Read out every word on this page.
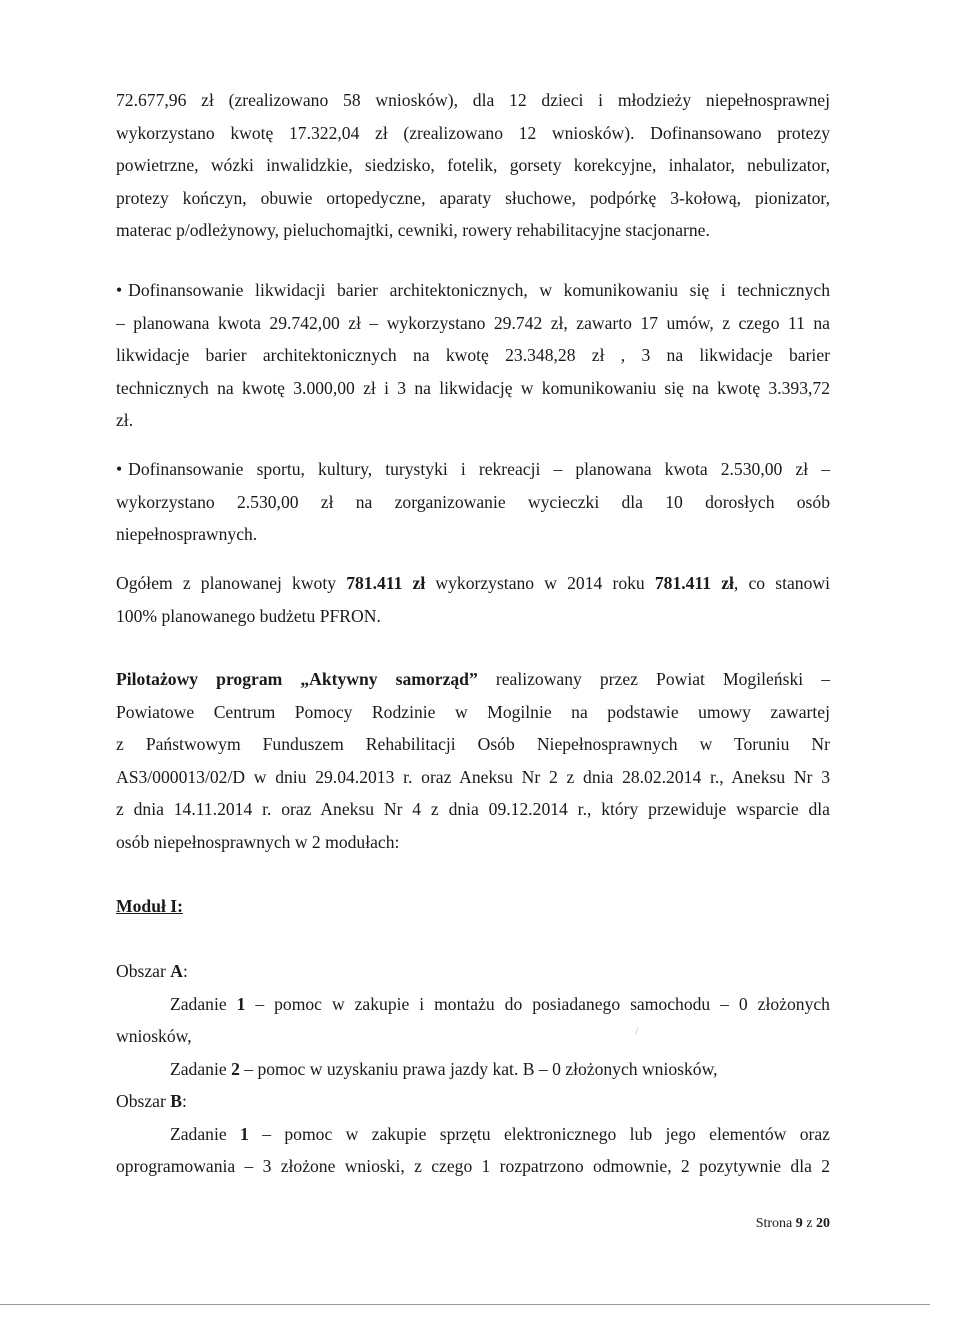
72.677,96 zł (zrealizowano 58 wniosków), dla 12 dzieci i młodzieży niepełnosprawnej
wykorzystano kwotę 17.322,04 zł (zrealizowano 12 wniosków). Dofinansowano protezy
powietrzne, wózki inwalidzkie, siedzisko, fotelik, gorsety korekcyjne, inhalator, nebulizator,
protezy kończyn, obuwie ortopedyczne, aparaty słuchowe, podpórkę 3-kołową, pionizator,
materac p/odleżynowy, pieluchomajtki, cewniki, rowery rehabilitacyjne stacjonarne.
• Dofinansowanie likwidacji barier architektonicznych, w komunikowaniu się i technicznych
– planowana kwota 29.742,00 zł – wykorzystano 29.742 zł, zawarto 17 umów, z czego 11 na
likwidacje barier architektonicznych na kwotę 23.348,28 zł , 3 na likwidacje barier
technicznych na kwotę 3.000,00 zł i 3 na likwidację w komunikowaniu się na kwotę 3.393,72
zł.
• Dofinansowanie sportu, kultury, turystyki i rekreacji – planowana kwota 2.530,00 zł –
wykorzystano 2.530,00 zł na zorganizowanie wycieczki dla 10 dorosłych osób
niepełnosprawnych.
Ogółem z planowanej kwoty 781.411 zł wykorzystano w 2014 roku 781.411 zł, co stanowi
100% planowanego budżetu PFRON.
Pilotażowy program „Aktywny samorząd” realizowany przez Powiat Mogileński –
Powiatowe Centrum Pomocy Rodzinie w Mogilnie na podstawie umowy zawartej
z Państwowym Funduszem Rehabilitacji Osób Niepełnosprawnych w Toruniu Nr
AS3/000013/02/D w dniu 29.04.2013 r. oraz Aneksu Nr 2 z dnia 28.02.2014 r., Aneksu Nr 3
z dnia 14.11.2014 r. oraz Aneksu Nr 4 z dnia 09.12.2014 r., który przewiduje wsparcie dla
osób niepełnosprawnych w 2 modułach:
Moduł I:
Obszar A:
Zadanie 1 – pomoc w zakupie i montażu do posiadanego samochodu – 0 złożonych
wniosków,
Zadanie 2 – pomoc w uzyskaniu prawa jazdy kat. B – 0 złożonych wniosków,
Obszar B:
Zadanie 1 – pomoc w zakupie sprzętu elektronicznego lub jego elementów oraz
oprogramowania – 3 złożone wnioski, z czego 1 rozpatrzono odmownie, 2 pozytywnie dla 2
/
Strona 9 z 20
